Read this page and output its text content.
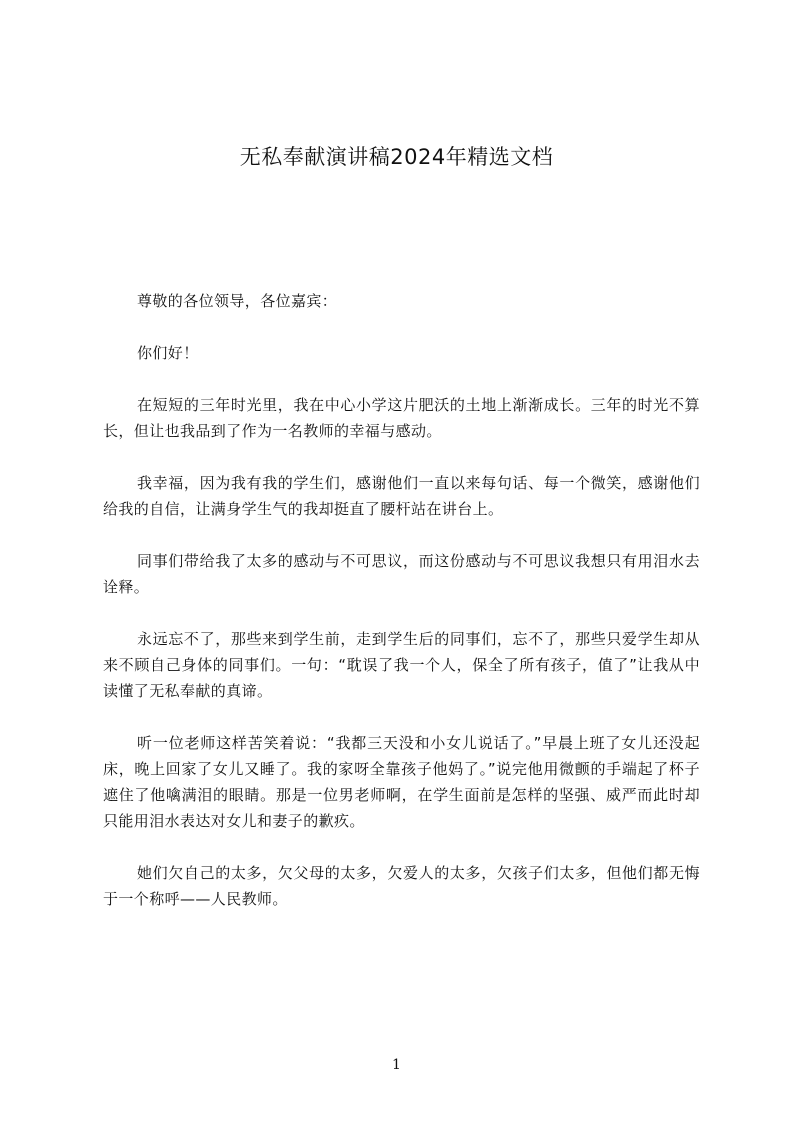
无私奉献演讲稿2024年精选文档

尊敬的各位领导，各位嘉宾：

你们好！

在短短的三年时光里，我在中心小学这片肥沃的土地上渐渐成长。三年的时光不算长，但让也我品到了作为一名教师的幸福与感动。

我幸福，因为我有我的学生们，感谢他们一直以来每句话、每一个微笑，感谢他们给我的自信，让满身学生气的我却挺直了腰杆站在讲台上。

同事们带给我了太多的感动与不可思议，而这份感动与不可思议我想只有用泪水去诠释。

永远忘不了，那些来到学生前，走到学生后的同事们，忘不了，那些只爱学生却从来不顾自己身体的同事们。一句：“耽误了我一个人，保全了所有孩子，值了”让我从中读懂了无私奉献的真谛。

听一位老师这样苦笑着说：“我都三天没和小女儿说话了。”早晨上班了女儿还没起床，晚上回家了女儿又睡了。我的家呀全靠孩子他妈了。”说完他用微颤的手端起了杯子遮住了他噙满泪的眼睛。那是一位男老师啊，在学生面前是怎样的坚强、威严而此时却只能用泪水表达对女儿和妻子的歉疚。

她们欠自己的太多，欠父母的太多，欠爱人的太多，欠孩子们太多，但他们都无悔于一个称呼——人民教师。

1
